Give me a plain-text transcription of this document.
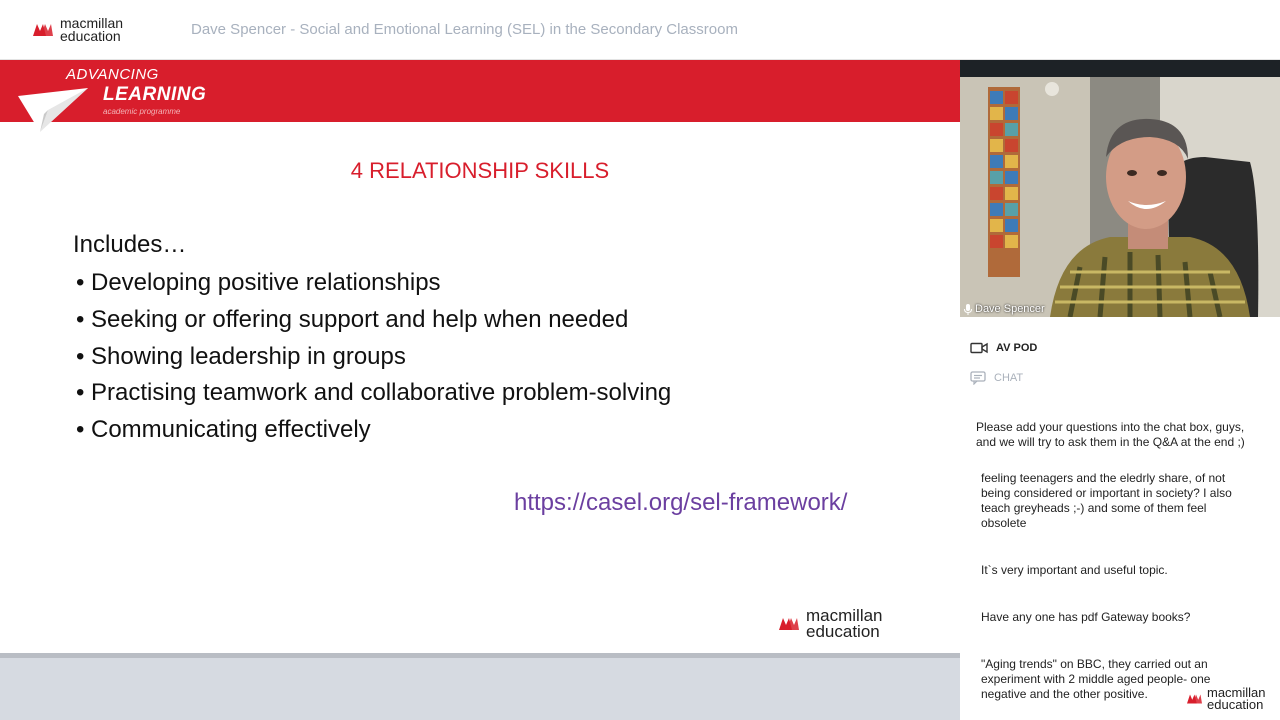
macmillan
education	Dave Spencer - Social and Emotional Learning (SEL) in the Secondary Classroom
ADVANCING
LEARNING
academic programme
4 RELATIONSHIP SKILLS
Includes…
• Developing positive relationships
• Seeking or offering support and help when needed
• Showing leadership in groups
• Practising teamwork and collaborative problem-solving
• Communicating effectively
https://casel.org/sel-framework/
macmillan
education
Dave Spencer
AV POD
CHAT
Please add your questions into the chat box, guys, and we will try to ask them in the Q&A at the end ;)
feeling teenagers and the eledrly share, of not being considered or important in society? I also teach greyheads ;-) and some of them feel obsolete
It`s very important and useful topic.
Have any one has pdf Gateway books?
"Aging trends" on BBC, they carried out an experiment with 2 middle aged people- one negative and the other positive.	macmillan
education
